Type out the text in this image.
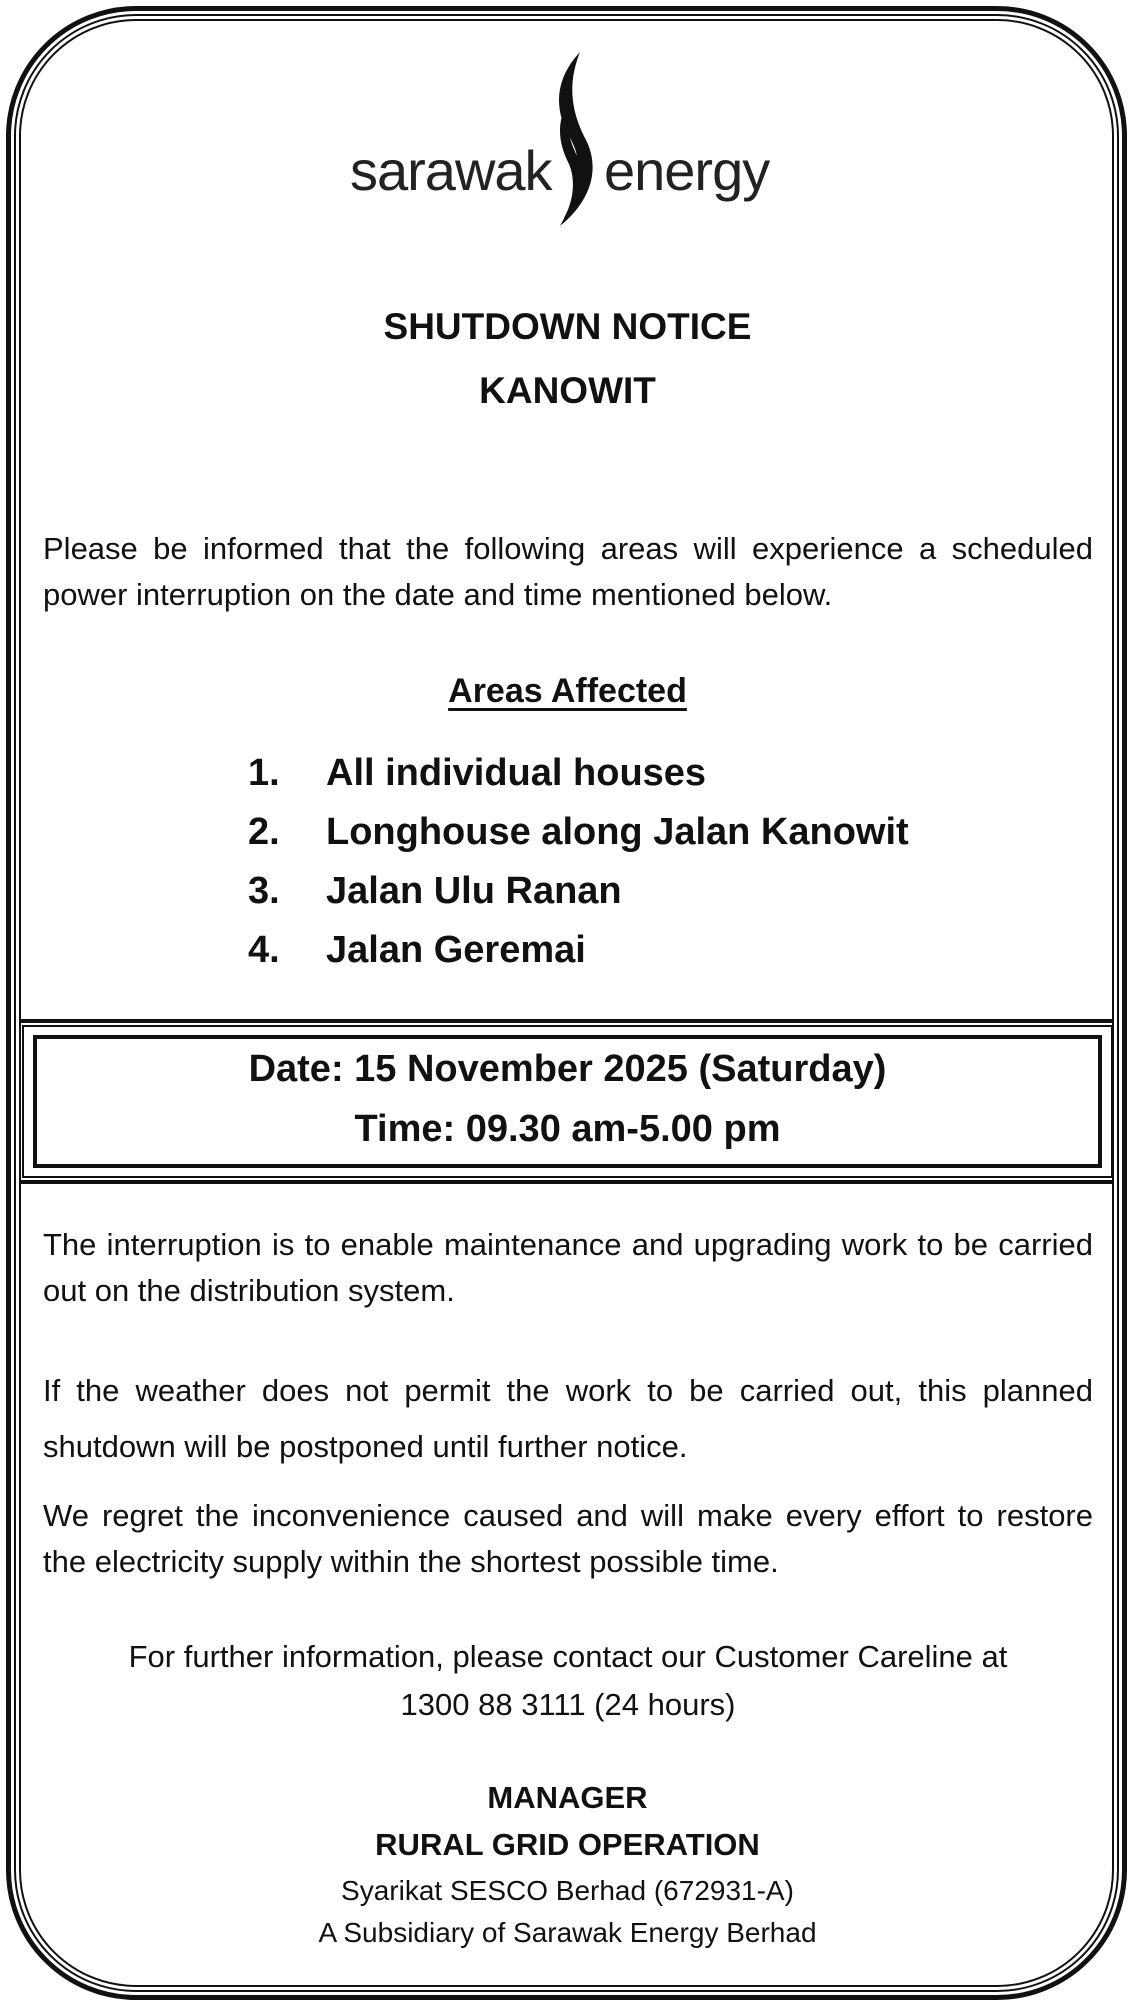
sarawak energy
SHUTDOWN NOTICE
KANOWIT
Please be informed that the following areas will experience a scheduled power interruption on the date and time mentioned below.
Areas Affected
1.	All individual houses
2.	Longhouse along Jalan Kanowit
3.	Jalan Ulu Ranan
4.	Jalan Geremai
Date: 15 November 2025 (Saturday)
Time: 09.30 am-5.00 pm
The interruption is to enable maintenance and upgrading work to be carried out on the distribution system.
If the weather does not permit the work to be carried out, this planned shutdown will be postponed until further notice.
We regret the inconvenience caused and will make every effort to restore the electricity supply within the shortest possible time.
For further information, please contact our Customer Careline at
1300 88 3111 (24 hours)
MANAGER
RURAL GRID OPERATION
Syarikat SESCO Berhad (672931-A)
A Subsidiary of Sarawak Energy Berhad
